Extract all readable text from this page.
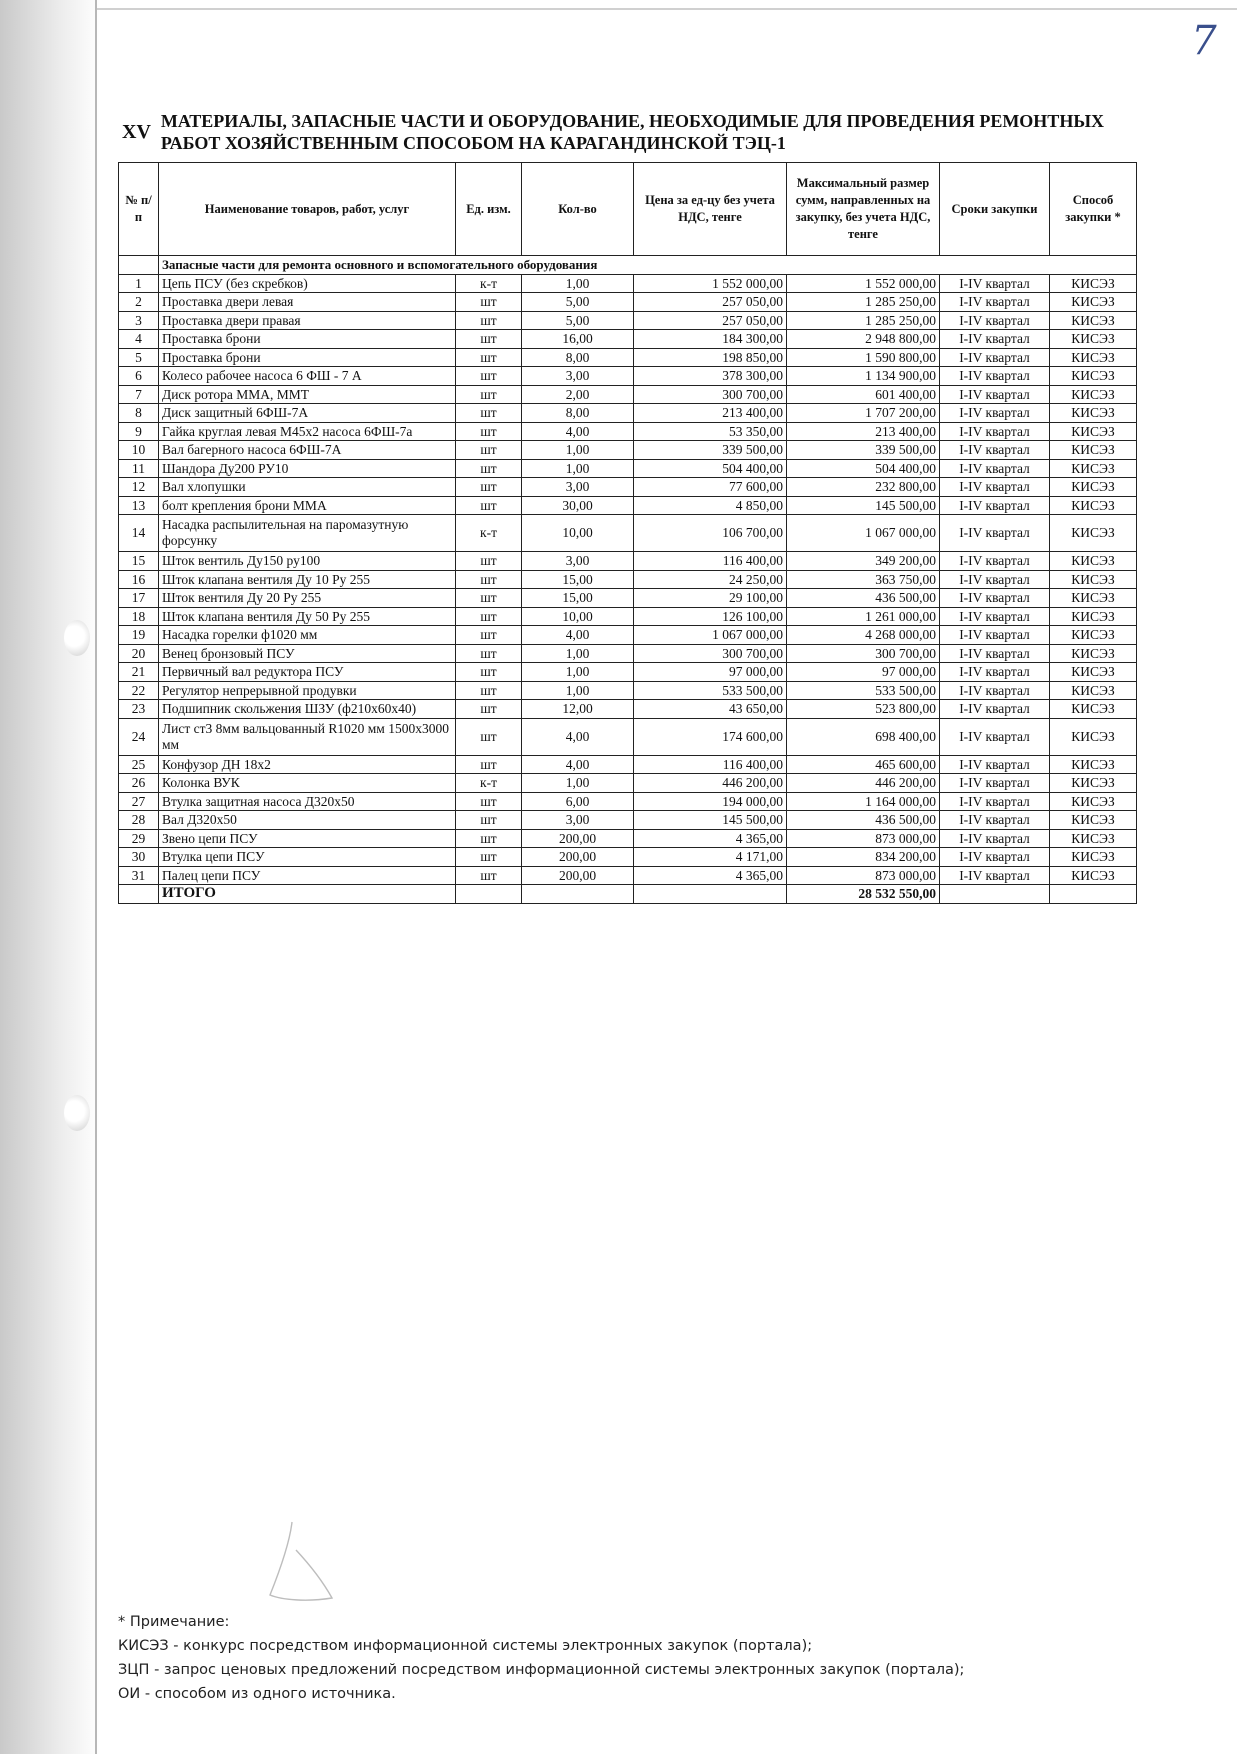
7
XV МАТЕРИАЛЫ, ЗАПАСНЫЕ ЧАСТИ И ОБОРУДОВАНИЕ, НЕОБХОДИМЫЕ ДЛЯ ПРОВЕДЕНИЯ РЕМОНТНЫХ РАБОТ ХОЗЯЙСТВЕННЫМ СПОСОБОМ НА КАРАГАНДИНСКОЙ ТЭЦ-1
№ п/п	Наименование товаров, работ, услуг	Ед. изм.	Кол-во	Цена за ед-цу без учета НДС, тенге	Максимальный размер сумм, направленных на закупку, без учета НДС, тенге	Сроки закупки	Способ закупки *
	Запасные части для ремонта основного и вспомогательного оборудования						
1	Цепь ПСУ (без скребков)	к-т	1,00	1 552 000,00	1 552 000,00	I-IV квартал	КИСЭЗ
2	Проставка двери левая	шт	5,00	257 050,00	1 285 250,00	I-IV квартал	КИСЭЗ
3	Проставка двери правая	шт	5,00	257 050,00	1 285 250,00	I-IV квартал	КИСЭЗ
4	Проставка брони	шт	16,00	184 300,00	2 948 800,00	I-IV квартал	КИСЭЗ
5	Проставка брони	шт	8,00	198 850,00	1 590 800,00	I-IV квартал	КИСЭЗ
6	Колесо рабочее насоса 6 ФШ - 7 А	шт	3,00	378 300,00	1 134 900,00	I-IV квартал	КИСЭЗ
7	Диск ротора ММА, ММТ	шт	2,00	300 700,00	601 400,00	I-IV квартал	КИСЭЗ
8	Диск защитный 6ФШ-7А	шт	8,00	213 400,00	1 707 200,00	I-IV квартал	КИСЭЗ
9	Гайка круглая левая М45х2 насоса 6ФШ-7а	шт	4,00	53 350,00	213 400,00	I-IV квартал	КИСЭЗ
10	Вал багерного насоса 6ФШ-7А	шт	1,00	339 500,00	339 500,00	I-IV квартал	КИСЭЗ
11	Шандора Ду200 РУ10	шт	1,00	504 400,00	504 400,00	I-IV квартал	КИСЭЗ
12	Вал хлопушки	шт	3,00	77 600,00	232 800,00	I-IV квартал	КИСЭЗ
13	болт крепления брони ММА	шт	30,00	4 850,00	145 500,00	I-IV квартал	КИСЭЗ
14	Насадка распылительная на паромазутную форсунку	к-т	10,00	106 700,00	1 067 000,00	I-IV квартал	КИСЭЗ
15	Шток вентиль Ду150 ру100	шт	3,00	116 400,00	349 200,00	I-IV квартал	КИСЭЗ
16	Шток клапана вентиля Ду 10 Ру 255	шт	15,00	24 250,00	363 750,00	I-IV квартал	КИСЭЗ
17	Шток вентиля Ду 20 Ру 255	шт	15,00	29 100,00	436 500,00	I-IV квартал	КИСЭЗ
18	Шток клапана вентиля Ду 50 Ру 255	шт	10,00	126 100,00	1 261 000,00	I-IV квартал	КИСЭЗ
19	Насадка горелки ф1020 мм	шт	4,00	1 067 000,00	4 268 000,00	I-IV квартал	КИСЭЗ
20	Венец бронзовый ПСУ	шт	1,00	300 700,00	300 700,00	I-IV квартал	КИСЭЗ
21	Первичный вал редуктора ПСУ	шт	1,00	97 000,00	97 000,00	I-IV квартал	КИСЭЗ
22	Регулятор непрерывной продувки	шт	1,00	533 500,00	533 500,00	I-IV квартал	КИСЭЗ
23	Подшипник скольжения ШЗУ (ф210х60х40)	шт	12,00	43 650,00	523 800,00	I-IV квартал	КИСЭЗ
24	Лист ст3 8мм вальцованный R1020 мм 1500х3000 мм	шт	4,00	174 600,00	698 400,00	I-IV квартал	КИСЭЗ
25	Конфузор ДН 18х2	шт	4,00	116 400,00	465 600,00	I-IV квартал	КИСЭЗ
26	Колонка ВУК	к-т	1,00	446 200,00	446 200,00	I-IV квартал	КИСЭЗ
27	Втулка защитная насоса Д320х50	шт	6,00	194 000,00	1 164 000,00	I-IV квартал	КИСЭЗ
28	Вал Д320х50	шт	3,00	145 500,00	436 500,00	I-IV квартал	КИСЭЗ
29	Звено цепи ПСУ	шт	200,00	4 365,00	873 000,00	I-IV квартал	КИСЭЗ
30	Втулка цепи ПСУ	шт	200,00	4 171,00	834 200,00	I-IV квартал	КИСЭЗ
31	Палец цепи ПСУ	шт	200,00	4 365,00	873 000,00	I-IV квартал	КИСЭЗ
	ИТОГО				28 532 550,00		
* Примечание:
КИСЭЗ - конкурс посредством информационной системы электронных закупок (портала);
ЗЦП - запрос ценовых предложений посредством информационной системы электронных закупок (портала);
ОИ - способом из одного источника.
